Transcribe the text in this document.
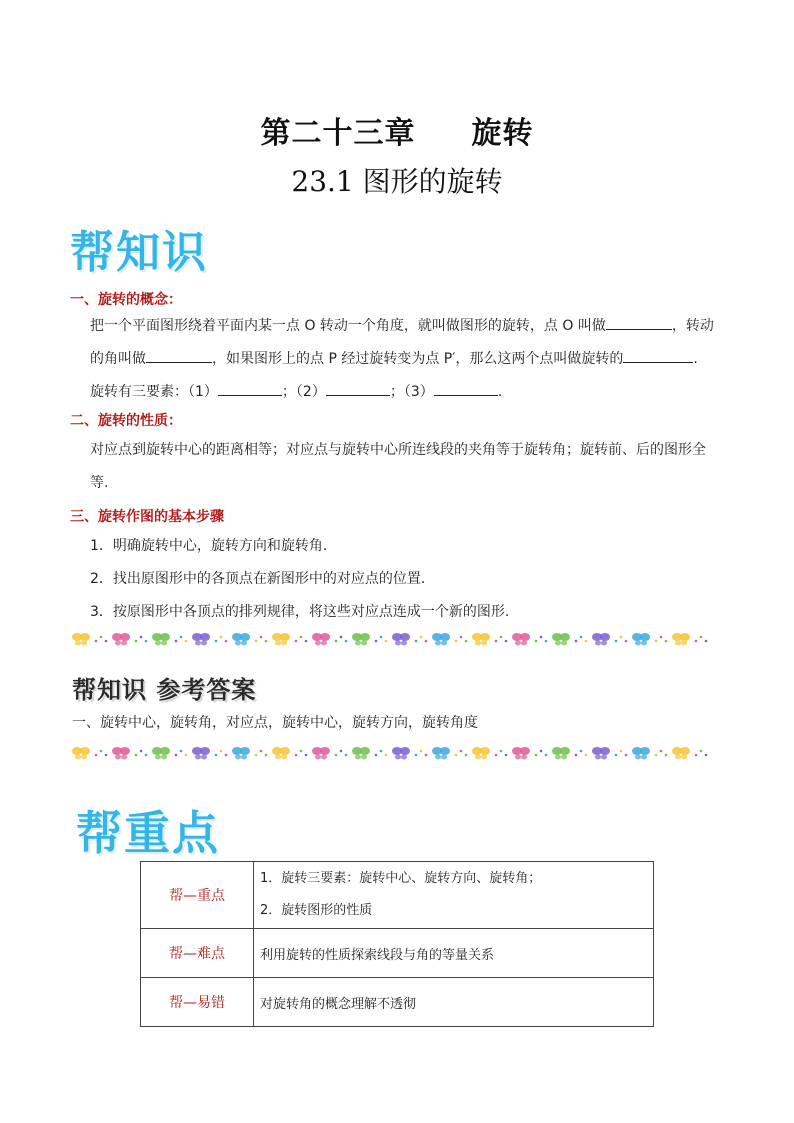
第二十三章 旋转
23.1 图形的旋转
帮知识
一、旋转的概念：
把一个平面图形绕着平面内某一点 O 转动一个角度，就叫做图形的旋转，点 O 叫做	，转动
的角叫做	，如果图形上的点 P 经过旋转变为点 P′，那么这两个点叫做旋转的	.
旋转有三要素：（1）	；（2）	；（3）	.
二、旋转的性质：
对应点到旋转中心的距离相等；对应点与旋转中心所连线段的夹角等于旋转角；旋转前、后的图形全
等.
三、旋转作图的基本步骤
1．明确旋转中心，旋转方向和旋转角.
2．找出原图形中的各顶点在新图形中的对应点的位置.
3．按原图形中各顶点的排列规律，将这些对应点连成一个新的图形.
帮知识 参考答案
一、旋转中心，旋转角，对应点，旋转中心，旋转方向，旋转角度
帮重点
帮—重点	1．旋转三要素：旋转中心、旋转方向、旋转角；
2．旋转图形的性质

帮—难点	利用旋转的性质探索线段与角的等量关系
帮—易错	对旋转角的概念理解不透彻
